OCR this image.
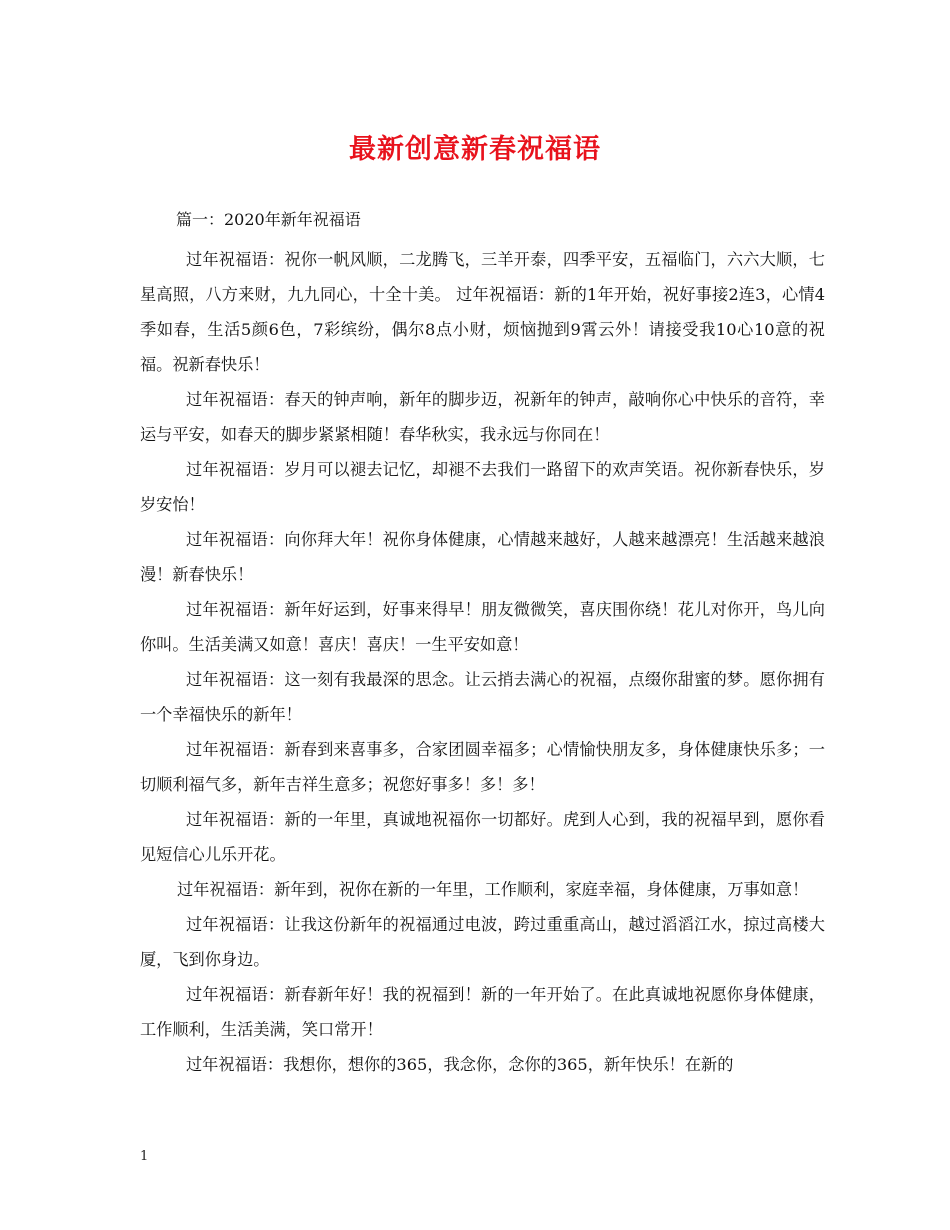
最新创意新春祝福语
篇一：2020年新年祝福语

过年祝福语：祝你一帆风顺，二龙腾飞，三羊开泰，四季平安，五福临门，六六大顺，七星高照，八方来财，九九同心，十全十美。 过年祝福语：新的1年开始，祝好事接2连3，心情4季如春，生活5颜6色，7彩缤纷，偶尔8点小财，烦恼抛到9霄云外！请接受我10心10意的祝福。祝新春快乐！

过年祝福语：春天的钟声响，新年的脚步迈，祝新年的钟声，敲响你心中快乐的音符，幸运与平安，如春天的脚步紧紧相随！春华秋实，我永远与你同在！

过年祝福语：岁月可以褪去记忆，却褪不去我们一路留下的欢声笑语。祝你新春快乐，岁岁安怡！

过年祝福语：向你拜大年！祝你身体健康，心情越来越好，人越来越漂亮！生活越来越浪漫！新春快乐！

过年祝福语：新年好运到，好事来得早！朋友微微笑，喜庆围你绕！花儿对你开，鸟儿向你叫。生活美满又如意！喜庆！喜庆！一生平安如意！

过年祝福语：这一刻有我最深的思念。让云捎去满心的祝福，点缀你甜蜜的梦。愿你拥有一个幸福快乐的新年！

过年祝福语：新春到来喜事多，合家团圆幸福多；心情愉快朋友多，身体健康快乐多；一切顺利福气多，新年吉祥生意多；祝您好事多！多！多！

过年祝福语：新的一年里，真诚地祝福你一切都好。虎到人心到，我的祝福早到，愿你看见短信心儿乐开花。

过年祝福语：新年到，祝你在新的一年里，工作顺利，家庭幸福，身体健康，万事如意！

过年祝福语：让我这份新年的祝福通过电波，跨过重重高山，越过滔滔江水，掠过高楼大厦，飞到你身边。

过年祝福语：新春新年好！我的祝福到！新的一年开始了。在此真诚地祝愿你身体健康，工作顺利，生活美满，笑口常开！

过年祝福语：我想你，想你的365，我念你，念你的365，新年快乐！在新的

1
